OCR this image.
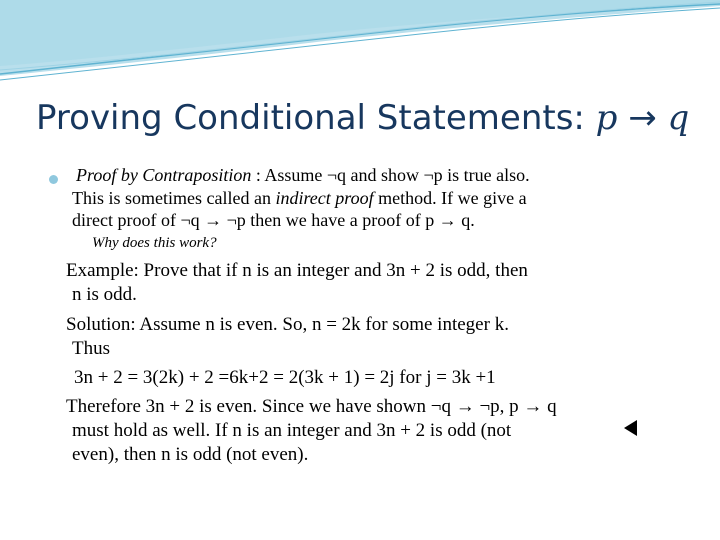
Proving Conditional Statements: p → q
Proof by Contraposition : Assume ¬q and show ¬p is true also.
This is sometimes called an indirect proof method. If we give a
direct proof of ¬q → ¬p then we have a proof of p → q.
Why does this work?
Example: Prove that if n is an integer and 3n + 2 is odd, then
n is odd.
Solution: Assume n is even. So, n = 2k for some integer k.
Thus
3n + 2 = 3(2k) + 2 =6k+2 = 2(3k + 1) = 2j for j = 3k +1
Therefore 3n + 2 is even. Since we have shown ¬q → ¬p, p → q
must hold as well. If n is an integer and 3n + 2 is odd (not
even), then n is odd (not even).
